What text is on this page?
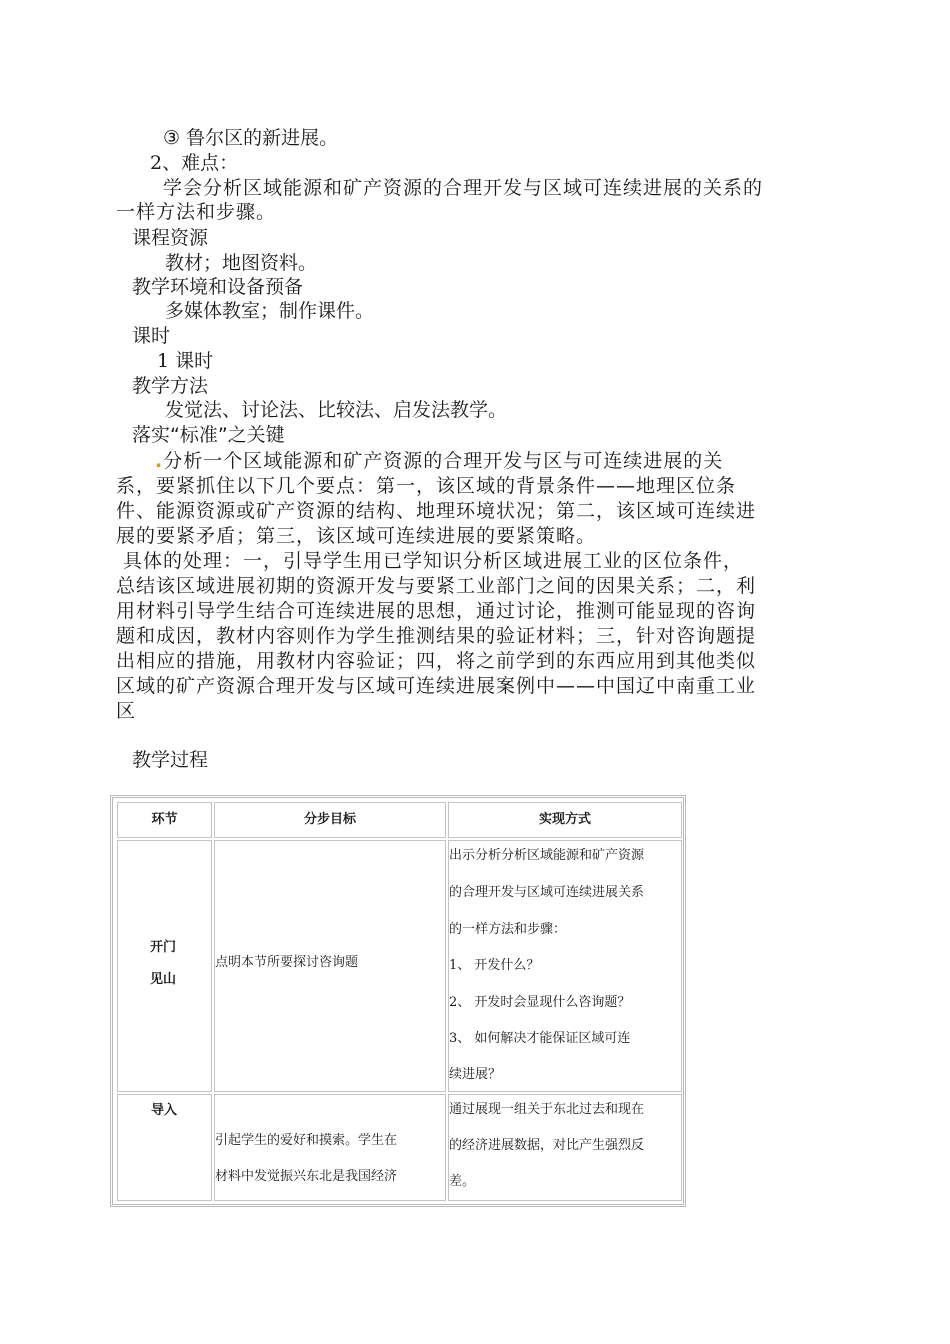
③ 鲁尔区的新进展。
2、难点：
学会分析区域能源和矿产资源的合理开发与区域可连续进展的关系的
一样方法和步骤。
课程资源
教材；地图资料。
教学环境和设备预备
多媒体教室；制作课件。
课时
1 课时
教学方法
发觉法、讨论法、比较法、启发法教学。
落实“标准”之关键
.分析一个区域能源和矿产资源的合理开发与区与可连续进展的关
系，要紧抓住以下几个要点：第一，该区域的背景条件——地理区位条
件、能源资源或矿产资源的结构、地理环境状况；第二，该区域可连续进
展的要紧矛盾；第三，该区域可连续进展的要紧策略。
具体的处理：一，引导学生用已学知识分析区域进展工业的区位条件，
总结该区域进展初期的资源开发与要紧工业部门之间的因果关系；二，利
用材料引导学生结合可连续进展的思想，通过讨论，推测可能显现的咨询
题和成因，教材内容则作为学生推测结果的验证材料；三，针对咨询题提
出相应的措施，用教材内容验证；四，将之前学到的东西应用到其他类似
区域的矿产资源合理开发与区域可连续进展案例中——中国辽中南重工业
区
教学过程
环节	分步目标	实现方式
开门
见山
点明本节所要探讨咨询题
出示分析分析区域能源和矿产资源
的合理开发与区域可连续进展关系
的一样方法和步骤：
1、 开发什么？
2、 开发时会显现什么咨询题？
3、 如何解决才能保证区域可连
续进展？
导入
引起学生的爱好和摸索。学生在
材料中发觉振兴东北是我国经济
通过展现一组关于东北过去和现在
的经济进展数据，对比产生强烈反
差。
